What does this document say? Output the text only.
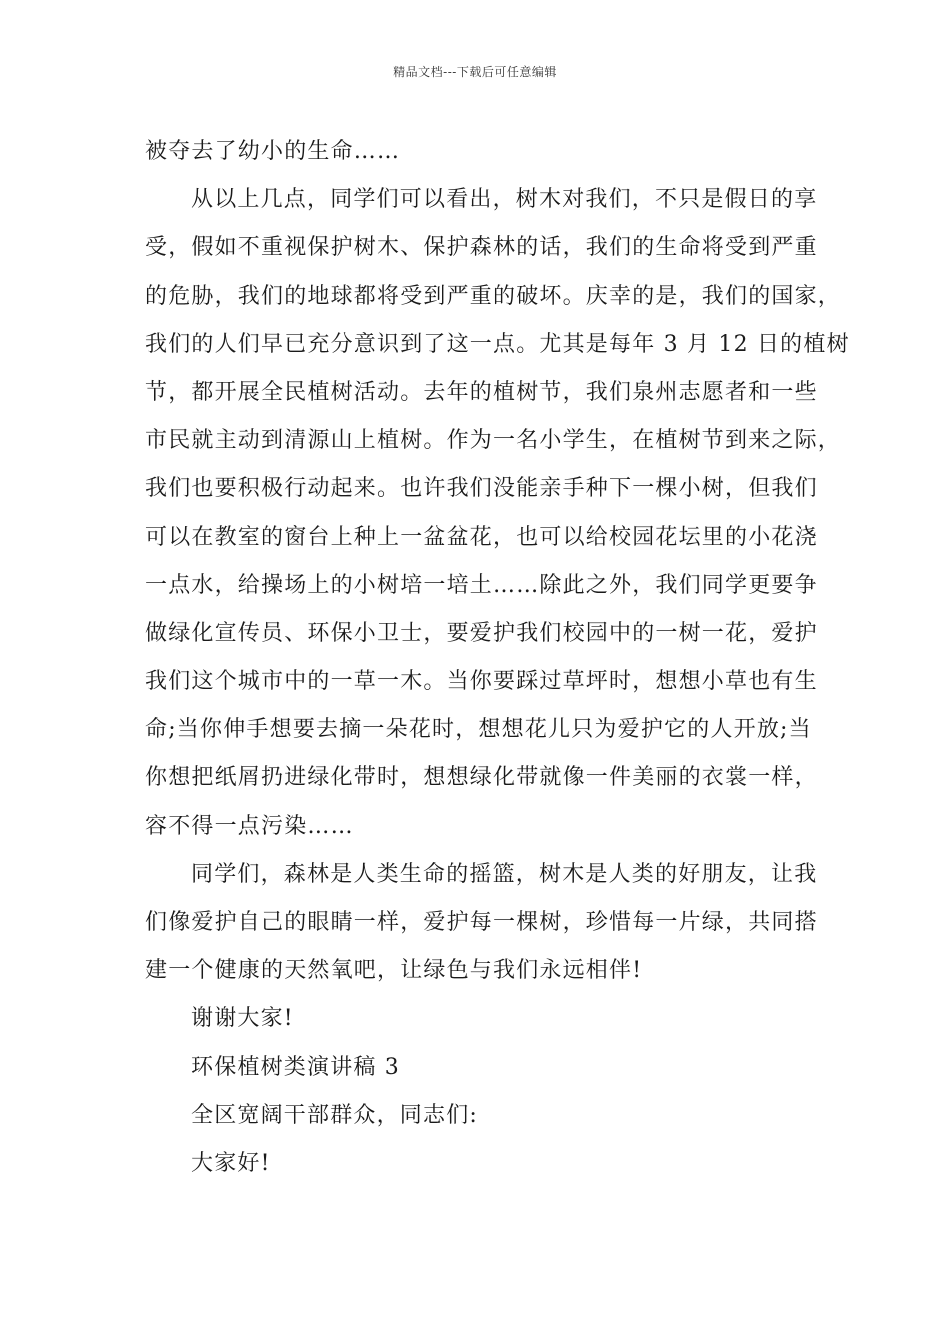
精品文档---下载后可任意编辑
被夺去了幼小的生命……
从以上几点，同学们可以看出，树木对我们，不只是假日的享
受，假如不重视保护树木、保护森林的话，我们的生命将受到严重
的危胁，我们的地球都将受到严重的破坏。庆幸的是，我们的国家，
我们的人们早已充分意识到了这一点。尤其是每年 3 月 12 日的植树
节，都开展全民植树活动。去年的植树节，我们泉州志愿者和一些
市民就主动到清源山上植树。作为一名小学生，在植树节到来之际，
我们也要积极行动起来。也许我们没能亲手种下一棵小树，但我们
可以在教室的窗台上种上一盆盆花，也可以给校园花坛里的小花浇
一点水，给操场上的小树培一培土……除此之外，我们同学更要争
做绿化宣传员、环保小卫士，要爱护我们校园中的一树一花，爱护
我们这个城市中的一草一木。当你要踩过草坪时，想想小草也有生
命;当你伸手想要去摘一朵花时，想想花儿只为爱护它的人开放;当
你想把纸屑扔进绿化带时，想想绿化带就像一件美丽的衣裳一样，
容不得一点污染……
同学们，森林是人类生命的摇篮，树木是人类的好朋友，让我
们像爱护自己的眼睛一样，爱护每一棵树，珍惜每一片绿，共同搭
建一个健康的天然氧吧，让绿色与我们永远相伴!
谢谢大家!
环保植树类演讲稿 3
全区宽阔干部群众，同志们:
大家好!
